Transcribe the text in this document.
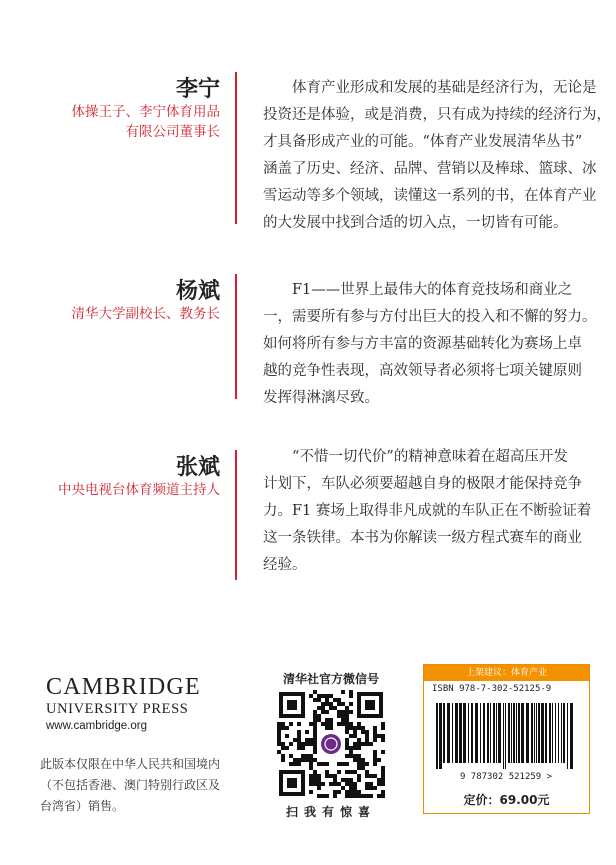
李宁
体操王子、李宁体育用品
有限公司董事长
体育产业形成和发展的基础是经济行为，无论是
投资还是体验，或是消费，只有成为持续的经济行为，
才具备形成产业的可能。“体育产业发展清华丛书”
涵盖了历史、经济、品牌、营销以及棒球、篮球、冰
雪运动等多个领域，读懂这一系列的书，在体育产业
的大发展中找到合适的切入点，一切皆有可能。
杨斌
清华大学副校长、教务长
F1——世界上最伟大的体育竞技场和商业之
一，需要所有参与方付出巨大的投入和不懈的努力。
如何将所有参与方丰富的资源基础转化为赛场上卓
越的竞争性表现，高效领导者必须将七项关键原则
发挥得淋漓尽致。
张斌
中央电视台体育频道主持人
“不惜一切代价”的精神意味着在超高压开发
计划下，车队必须要超越自身的极限才能保持竞争
力。F1 赛场上取得非凡成就的车队正在不断验证着
这一条铁律。本书为你解读一级方程式赛车的商业
经验。
CAMBRIDGE
UNIVERSITY PRESS
www.cambridge.org
此版本仅限在中华人民共和国境内
（不包括香港、澳门特别行政区及
台湾省）销售。
清华社官方微信号
扫我有惊喜
上架建议：体育产业
ISBN 978-7-302-52125-9
9 787302 521259 >
定价：69.00元
